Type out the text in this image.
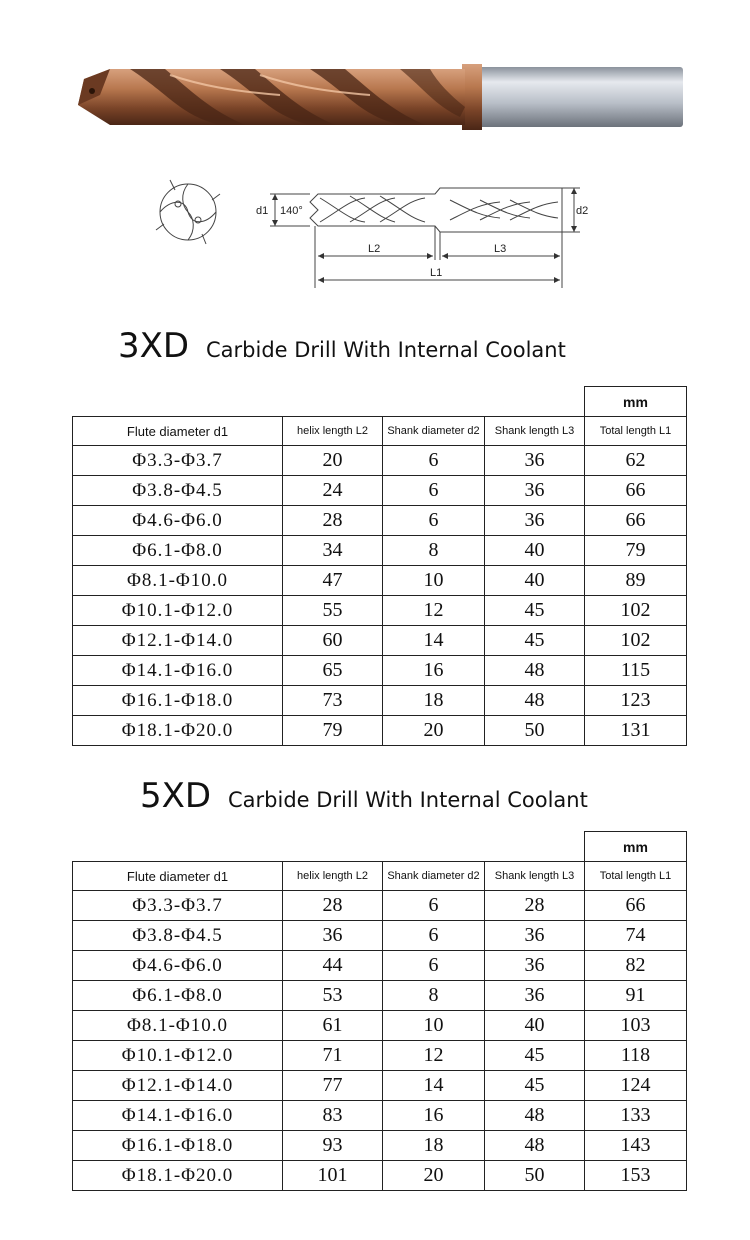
d1 140°	d2
L2	L3
L1
3XD Carbide Drill With Internal Coolant
				mm
Flute diameter d1	helix length L2	Shank diameter d2	Shank length L3	Total length L1
Φ3.3-Φ3.7	20	6	36	62
Φ3.8-Φ4.5	24	6	36	66
Φ4.6-Φ6.0	28	6	36	66
Φ6.1-Φ8.0	34	8	40	79
Φ8.1-Φ10.0	47	10	40	89
Φ10.1-Φ12.0	55	12	45	102
Φ12.1-Φ14.0	60	14	45	102
Φ14.1-Φ16.0	65	16	48	115
Φ16.1-Φ18.0	73	18	48	123
Φ18.1-Φ20.0	79	20	50	131
5XD Carbide Drill With Internal Coolant
				mm
Flute diameter d1	helix length L2	Shank diameter d2	Shank length L3	Total length L1
Φ3.3-Φ3.7	28	6	28	66
Φ3.8-Φ4.5	36	6	36	74
Φ4.6-Φ6.0	44	6	36	82
Φ6.1-Φ8.0	53	8	36	91
Φ8.1-Φ10.0	61	10	40	103
Φ10.1-Φ12.0	71	12	45	118
Φ12.1-Φ14.0	77	14	45	124
Φ14.1-Φ16.0	83	16	48	133
Φ16.1-Φ18.0	93	18	48	143
Φ18.1-Φ20.0	101	20	50	153
